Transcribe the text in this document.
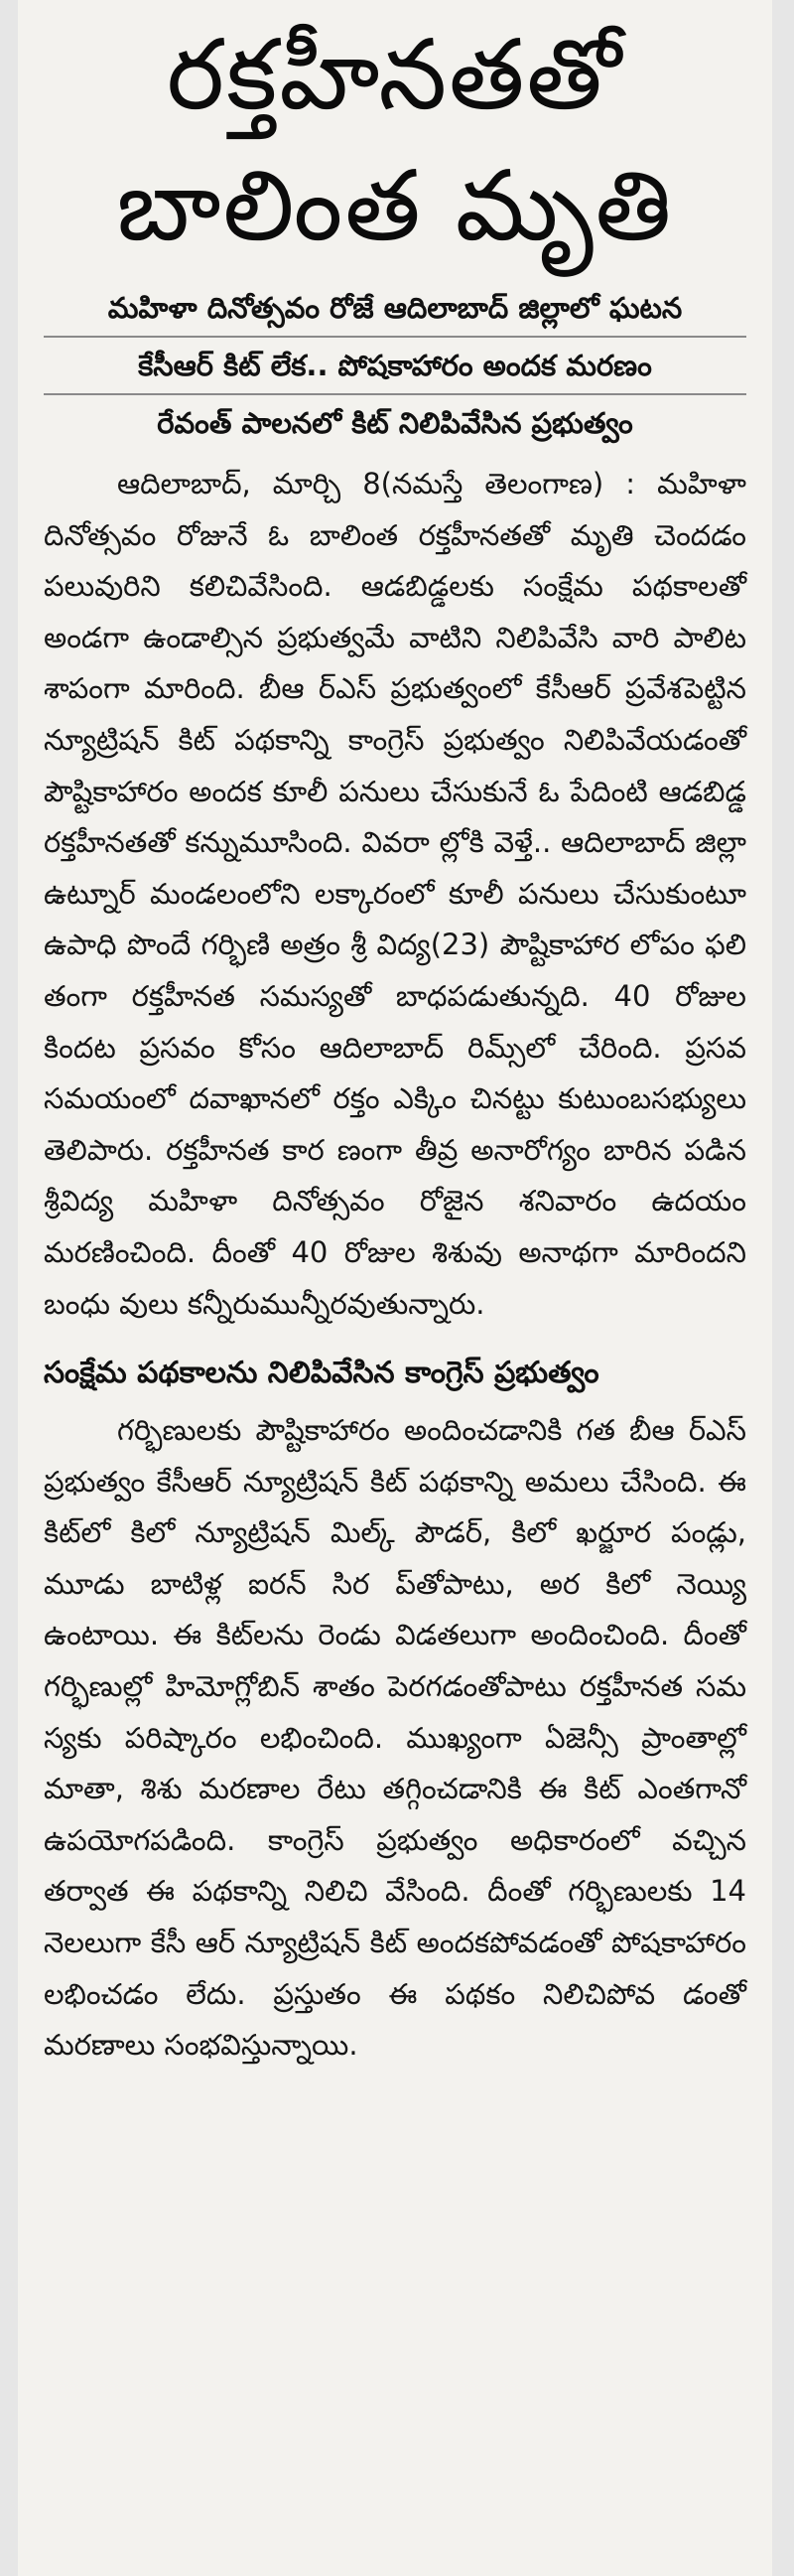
రక్తహీనతతో
బాలింత మృతి
మహిళా దినోత్సవం రోజే ఆదిలాబాద్ జిల్లాలో ఘటన
కేసీఆర్ కిట్ లేక.. పోషకాహారం అందక మరణం
రేవంత్ పాలనలో కిట్ నిలిపివేసిన ప్రభుత్వం

ఆదిలాబాద్, మార్చి 8(నమస్తే తెలంగాణ) : మహిళా దినోత్సవం రోజునే ఓ బాలింత రక్తహీనతతో మృతి చెందడం పలువురిని కలిచివేసింది. ఆడబిడ్డలకు సంక్షేమ పథకాలతో అండగా ఉండాల్సిన ప్రభుత్వమే వాటిని నిలిపివేసి వారి పాలిట శాపంగా మారింది. బీఆ ర్ఎస్ ప్రభుత్వంలో కేసీఆర్ ప్రవేశపెట్టిన న్యూట్రిషన్ కిట్ పథకాన్ని కాంగ్రెస్ ప్రభుత్వం నిలిపివేయడంతో పౌష్టికాహారం అందక కూలీ పనులు చేసుకునే ఓ పేదింటి ఆడబిడ్డ రక్తహీనతతో కన్నుమూసింది. వివరా ల్లోకి వెళ్తే.. ఆదిలాబాద్ జిల్లా ఉట్నూర్ మండలంలోని లక్కారంలో కూలీ పనులు చేసుకుంటూ ఉపాధి పొందే గర్భిణి అత్రం శ్రీ విద్య(23) పౌష్టికాహార లోపం ఫలి తంగా రక్తహీనత సమస్యతో బాధపడుతున్నది. 40 రోజుల కిందట ప్రసవం కోసం ఆదిలాబాద్ రిమ్స్‌లో చేరింది. ప్రసవ సమయంలో దవాఖానలో రక్తం ఎక్కిం చినట్టు కుటుంబసభ్యులు తెలిపారు. రక్తహీనత కార ణంగా తీవ్ర అనారోగ్యం బారిన పడిన శ్రీవిద్య మహిళా దినోత్సవం రోజైన శనివారం ఉదయం మరణించింది. దీంతో 40 రోజుల శిశువు అనాథగా మారిందని బంధు వులు కన్నీరుమున్నీరవుతున్నారు.

సంక్షేమ పథకాలను నిలిపివేసిన కాంగ్రెస్ ప్రభుత్వం

గర్భిణులకు పౌష్టికాహారం అందించడానికి గత బీఆ ర్ఎస్ ప్రభుత్వం కేసీఆర్ న్యూట్రిషన్ కిట్ పథకాన్ని అమలు చేసింది. ఈ కిట్‌లో కిలో న్యూట్రిషన్ మిల్క్ పౌడర్, కిలో ఖర్జూర పండ్లు, మూడు బాటిళ్ల ఐరన్ సిర ప్‌తోపాటు, అర కిలో నెయ్యి ఉంటాయి. ఈ కిట్‌లను రెండు విడతలుగా అందించింది. దీంతో గర్భిణుల్లో హిమోగ్లోబిన్ శాతం పెరగడంతోపాటు రక్తహీనత సమ స్యకు పరిష్కారం లభించింది. ముఖ్యంగా ఏజెన్సీ ప్రాంతాల్లో మాతా, శిశు మరణాల రేటు తగ్గించడానికి ఈ కిట్ ఎంతగానో ఉపయోగపడింది. కాంగ్రెస్ ప్రభుత్వం అధికారంలో వచ్చిన తర్వాత ఈ పథకాన్ని నిలిచి వేసింది. దీంతో గర్భిణులకు 14 నెలలుగా కేసీ ఆర్ న్యూట్రిషన్ కిట్ అందకపోవడంతో పోషకాహారం లభించడం లేదు. ప్రస్తుతం ఈ పథకం నిలిచిపోవ డంతో మరణాలు సంభవిస్తున్నాయి.
